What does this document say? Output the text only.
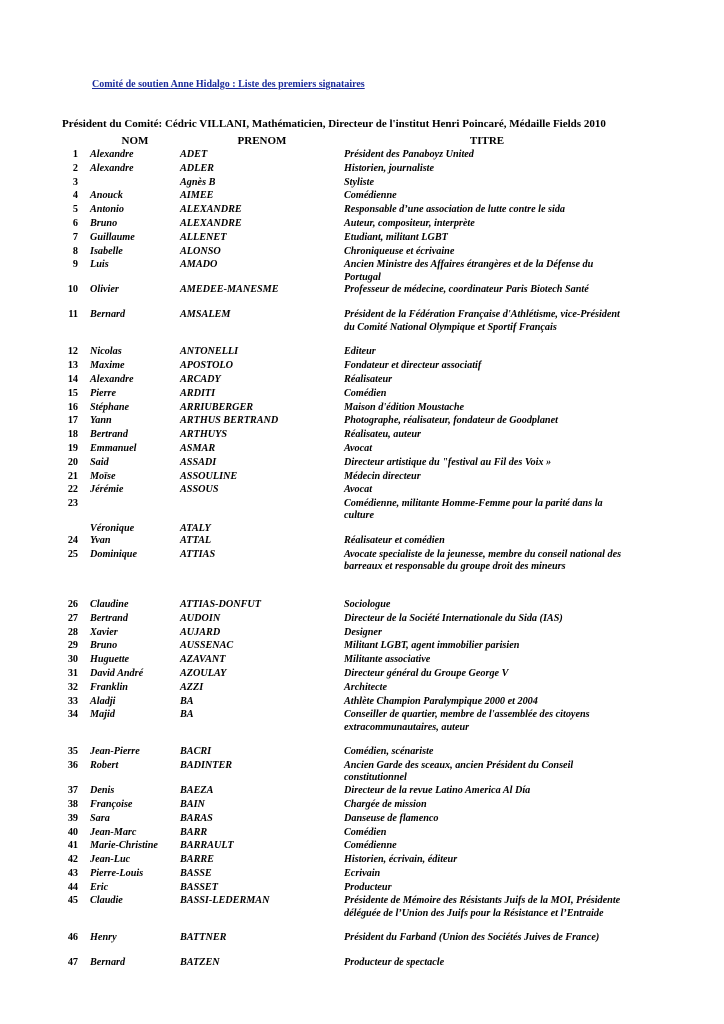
Comité de soutien Anne Hidalgo : Liste des premiers signataires
Président du Comité: Cédric VILLANI, Mathématicien, Directeur de l'institut Henri Poincaré, Médaille Fields 2010
	NOM	PRENOM	TITRE
1	Alexandre	ADET	Président des Panaboyz United
2	Alexandre	ADLER	Historien, journaliste
3		Agnès B	Styliste
4	Anouck	AIMEE	Comédienne
5	Antonio	ALEXANDRE	Responsable d’une association de lutte contre le sida
6	Bruno	ALEXANDRE	Auteur, compositeur, interprète
7	Guillaume	ALLENET	Etudiant, militant LGBT
8	Isabelle	ALONSO	Chroniqueuse et écrivaine
9	Luis	AMADO	Ancien Ministre des Affaires étrangères et de la Défense du Portugal
10	Olivier	AMEDEE-MANESME	Professeur de médecine, coordinateur Paris Biotech Santé
11	Bernard	AMSALEM	Président de la Fédération Française d'Athlétisme, vice-Président du Comité National Olympique et Sportif Français
12	Nicolas	ANTONELLI	Editeur
13	Maxime	APOSTOLO	Fondateur et directeur associatif
14	Alexandre	ARCADY	Réalisateur
15	Pierre	ARDITI	Comédien
16	Stéphane	ARRIUBERGER	Maison d'édition Moustache
17	Yann	ARTHUS BERTRAND	Photographe, réalisateur, fondateur de Goodplanet
18	Bertrand	ARTHUYS	Réalisateu, auteur
19	Emmanuel	ASMAR	Avocat
20	Said	ASSADI	Directeur artistique du "festival au Fil des Voix »
21	Moïse	ASSOULINE	Médecin directeur
22	Jérémie	ASSOUS	Avocat
23	Véronique	ATALY	Comédienne, militante Homme-Femme pour la parité dans la culture
24	Yvan	ATTAL	Réalisateur et comédien
25	Dominique	ATTIAS	Avocate specialiste de la jeunesse, membre du conseil national des barreaux et responsable du groupe droit des mineurs
26	Claudine	ATTIAS-DONFUT	Sociologue
27	Bertrand	AUDOIN	Directeur de la Société Internationale du Sida (IAS)
28	Xavier	AUJARD	Designer
29	Bruno	AUSSENAC	Militant LGBT, agent immobilier parisien
30	Huguette	AZAVANT	Militante associative
31	David André	AZOULAY	Directeur général du Groupe George V
32	Franklin	AZZI	Architecte
33	Aladji	BA	Athlète Champion Paralympique 2000 et 2004
34	Majid	BA	Conseiller de quartier, membre de l'assemblée des citoyens extracommunautaires, auteur
35	Jean-Pierre	BACRI	Comédien, scénariste
36	Robert	BADINTER	Ancien Garde des sceaux, ancien Président du Conseil constitutionnel
37	Denis	BAEZA	Directeur de la revue Latino America Al Día
38	Françoise	BAIN	Chargée de mission
39	Sara	BARAS	Danseuse de flamenco
40	Jean-Marc	BARR	Comédien
41	Marie-Christine	BARRAULT	Comédienne
42	Jean-Luc	BARRE	Historien, écrivain, éditeur
43	Pierre-Louis	BASSE	Ecrivain
44	Eric	BASSET	Producteur
45	Claudie	BASSI-LEDERMAN	Présidente de Mémoire des Résistants Juifs de la MOI, Présidente déléguée de l’Union des Juifs pour la Résistance et l’Entraide
46	Henry	BATTNER	Président du Farband (Union des Sociétés Juives de France)
47	Bernard	BATZEN	Producteur de spectacle
